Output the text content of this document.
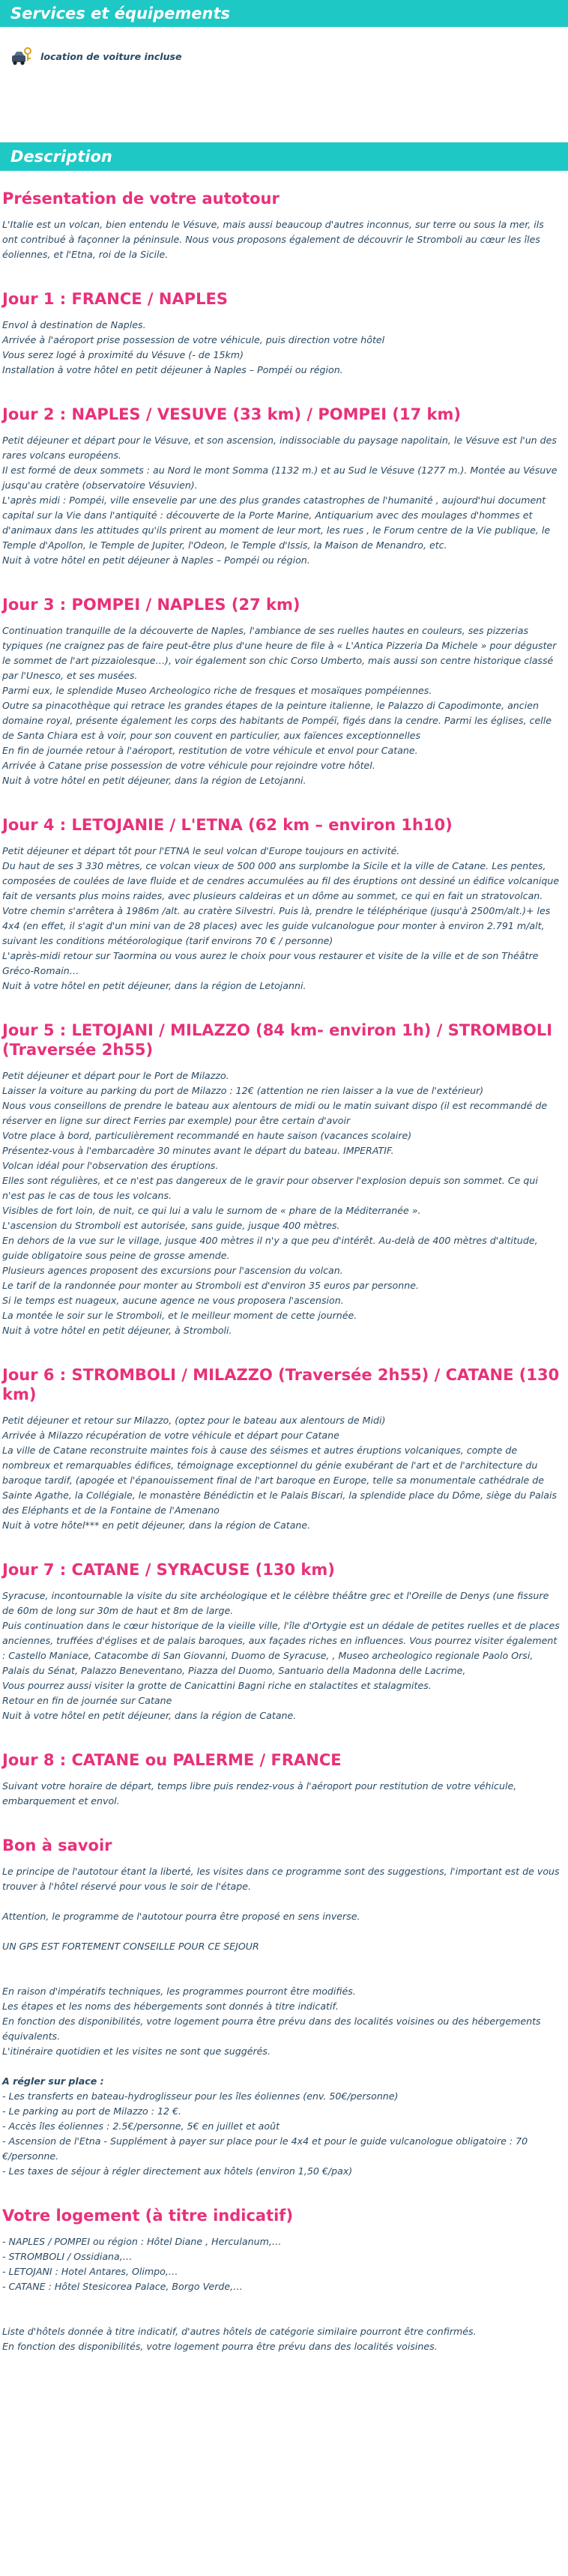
Services et équipements
location de voiture incluse
Description
Présentation de votre autotour

L'Italie est un volcan, bien entendu le Vésuve, mais aussi beaucoup d'autres inconnus, sur terre ou sous la mer, ils ont contribué à façonner la péninsule. Nous vous proposons également de découvrir le Stromboli au cœur les îles éoliennes, et l'Etna, roi de la Sicile.

Jour 1 : FRANCE / NAPLES

Envol à destination de Naples.

Arrivée à l'aéroport prise possession de votre véhicule, puis direction votre hôtel

Vous serez logé à proximité du Vésuve (- de 15km)

Installation à votre hôtel en petit déjeuner à Naples – Pompéi ou région.

Jour 2 : NAPLES / VESUVE (33 km) / POMPEI (17 km)

Petit déjeuner et départ pour le Vésuve, et son ascension, indissociable du paysage napolitain, le Vésuve est l'un des rares volcans européens.

Il est formé de deux sommets : au Nord le mont Somma (1132 m.) et au Sud le Vésuve (1277 m.). Montée au Vésuve jusqu'au cratère (observatoire Vésuvien).

L'après midi : Pompéi, ville ensevelie par une des plus grandes catastrophes de l'humanité , aujourd'hui document capital sur la Vie dans l'antiquité : découverte de la Porte Marine, Antiquarium avec des moulages d'hommes et d'animaux dans les attitudes qu'ils prirent au moment de leur mort, les rues , le Forum centre de la Vie publique, le Temple d'Apollon, le Temple de Jupiter, l'Odeon, le Temple d'Issis, la Maison de Menandro, etc.

Nuit à votre hôtel en petit déjeuner à Naples – Pompéi ou région.

Jour 3 : POMPEI / NAPLES (27 km)

Continuation tranquille de la découverte de Naples, l'ambiance de ses ruelles hautes en couleurs, ses pizzerias typiques (ne craignez pas de faire peut-être plus d'une heure de file à « L'Antica Pizzeria Da Michele » pour déguster le sommet de l'art pizzaiolesque…), voir également son chic Corso Umberto, mais aussi son centre historique classé par l'Unesco, et ses musées.

Parmi eux, le splendide Museo Archeologico riche de fresques et mosaïques pompéiennes.

Outre sa pinacothèque qui retrace les grandes étapes de la peinture italienne, le Palazzo di Capodimonte, ancien domaine royal, présente également les corps des habitants de Pompéï, figés dans la cendre. Parmi les églises, celle de Santa Chiara est à voir, pour son couvent en particulier, aux faïences exceptionnelles

En fin de journée retour à l'aéroport, restitution de votre véhicule et envol pour Catane.

Arrivée à Catane prise possession de votre véhicule pour rejoindre votre hôtel.

Nuit à votre hôtel en petit déjeuner, dans la région de Letojanni.

Jour 4 : LETOJANIE / L'ETNA (62 km – environ 1h10)

Petit déjeuner et départ tôt pour l'ETNA le seul volcan d'Europe toujours en activité.

Du haut de ses 3 330 mètres, ce volcan vieux de 500 000 ans surplombe la Sicile et la ville de Catane. Les pentes, composées de coulées de lave fluide et de cendres accumulées au fil des éruptions ont dessiné un édifice volcanique fait de versants plus moins raides, avec plusieurs caldeiras et un dôme au sommet, ce qui en fait un stratovolcan.

Votre chemin s'arrêtera à 1986m /alt. au cratère Silvestri. Puis là, prendre le téléphérique (jusqu'à 2500m/alt.)+ les 4x4 (en effet, il s'agit d'un mini van de 28 places) avec les guide vulcanologue pour monter à environ 2.791 m/alt, suivant les conditions météorologique (tarif environs 70 € / personne)

L'après-midi retour sur Taormina ou vous aurez le choix pour vous restaurer et visite de la ville et de son Théâtre Gréco-Romain…

Nuit à votre hôtel en petit déjeuner, dans la région de Letojanni.

Jour 5 : LETOJANI / MILAZZO (84 km- environ 1h) / STROMBOLI (Traversée 2h55)

Petit déjeuner et départ pour le Port de Milazzo.

Laisser la voiture au parking du port de Milazzo : 12€ (attention ne rien laisser a la vue de l'extérieur)

Nous vous conseillons de prendre le bateau aux alentours de midi ou le matin suivant dispo (il est recommandé de réserver en ligne sur direct Ferries par exemple) pour être certain d'avoir

Votre place à bord, particulièrement recommandé en haute saison (vacances scolaire)

Présentez-vous à l'embarcadère 30 minutes avant le départ du bateau. IMPERATIF.

Volcan idéal pour l'observation des éruptions.

Elles sont régulières, et ce n'est pas dangereux de le gravir pour observer l'explosion depuis son sommet. Ce qui n'est pas le cas de tous les volcans.

Visibles de fort loin, de nuit, ce qui lui a valu le surnom de « phare de la Méditerranée ».

L'ascension du Stromboli est autorisée, sans guide, jusque 400 mètres.

En dehors de la vue sur le village, jusque 400 mètres il n'y a que peu d'intérêt. Au-delà de 400 mètres d'altitude, guide obligatoire sous peine de grosse amende.

Plusieurs agences proposent des excursions pour l'ascension du volcan.

Le tarif de la randonnée pour monter au Stromboli est d'environ 35 euros par personne.

Si le temps est nuageux, aucune agence ne vous proposera l'ascension.

La montée le soir sur le Stromboli, et le meilleur moment de cette journée.

Nuit à votre hôtel en petit déjeuner, à Stromboli.

Jour 6 : STROMBOLI / MILAZZO (Traversée 2h55) / CATANE (130 km)

Petit déjeuner et retour sur Milazzo, (optez pour le bateau aux alentours de Midi)

Arrivée à Milazzo récupération de votre véhicule et départ pour Catane

La ville de Catane reconstruite maintes fois à cause des séismes et autres éruptions volcaniques, compte de nombreux et remarquables édifices, témoignage exceptionnel du génie exubérant de l'art et de l'architecture du baroque tardif, (apogée et l'épanouissement final de l'art baroque en Europe, telle sa monumentale cathédrale de Sainte Agathe, la Collégiale, le monastère Bénédictin et le Palais Biscari, la splendide place du Dôme, siège du Palais des Eléphants et de la Fontaine de l'Amenano

Nuit à votre hôtel*** en petit déjeuner, dans la région de Catane.

Jour 7 : CATANE / SYRACUSE (130 km)

Syracuse, incontournable la visite du site archéologique et le célèbre théâtre grec et l'Oreille de Denys (une fissure de 60m de long sur 30m de haut et 8m de large.

Puis continuation dans le cœur historique de la vieille ville, l'île d'Ortygie est un dédale de petites ruelles et de places anciennes, truffées d'églises et de palais baroques, aux façades riches en influences. Vous pourrez visiter également : Castello Maniace, Catacombe di San Giovanni, Duomo de Syracuse, , Museo archeologico regionale Paolo Orsi, Palais du Sénat, Palazzo Beneventano, Piazza del Duomo, Santuario della Madonna delle Lacrime,

Vous pourrez aussi visiter la grotte de Canicattini Bagni riche en stalactites et stalagmites.

Retour en fin de journée sur Catane

Nuit à votre hôtel en petit déjeuner, dans la région de Catane.

Jour 8 : CATANE ou PALERME / FRANCE

Suivant votre horaire de départ, temps libre puis rendez-vous à l'aéroport pour restitution de votre véhicule, embarquement et envol.

Bon à savoir

Le principe de l'autotour étant la liberté, les visites dans ce programme sont des suggestions, l'important est de vous trouver à l'hôtel réservé pour vous le soir de l'étape.

Attention, le programme de l'autotour pourra être proposé en sens inverse.

UN GPS EST FORTEMENT CONSEILLE POUR CE SEJOUR

En raison d'impératifs techniques, les programmes pourront être modifiés.

Les étapes et les noms des hébergements sont donnés à titre indicatif.

En fonction des disponibilités, votre logement pourra être prévu dans des localités voisines ou des hébergements équivalents.

L'itinéraire quotidien et les visites ne sont que suggérés.

A régler sur place :

- Les transferts en bateau-hydroglisseur pour les îles éoliennes (env. 50€/personne)

- Le parking au port de Milazzo : 12 €.

- Accès îles éoliennes : 2.5€/personne, 5€ en juillet et août

- Ascension de l'Etna - Supplément à payer sur place pour le 4x4 et pour le guide vulcanologue obligatoire : 70 €/personne.

- Les taxes de séjour à régler directement aux hôtels (environ 1,50 €/pax)

Votre logement (à titre indicatif)

- NAPLES / POMPEI ou région : Hôtel Diane , Herculanum,…

- STROMBOLI / Ossidiana,…

- LETOJANI : Hotel Antares, Olimpo,…

- CATANE : Hôtel Stesicorea Palace, Borgo Verde,…

Liste d'hôtels donnée à titre indicatif, d'autres hôtels de catégorie similaire pourront être confirmés.

En fonction des disponibilités, votre logement pourra être prévu dans des localités voisines.
